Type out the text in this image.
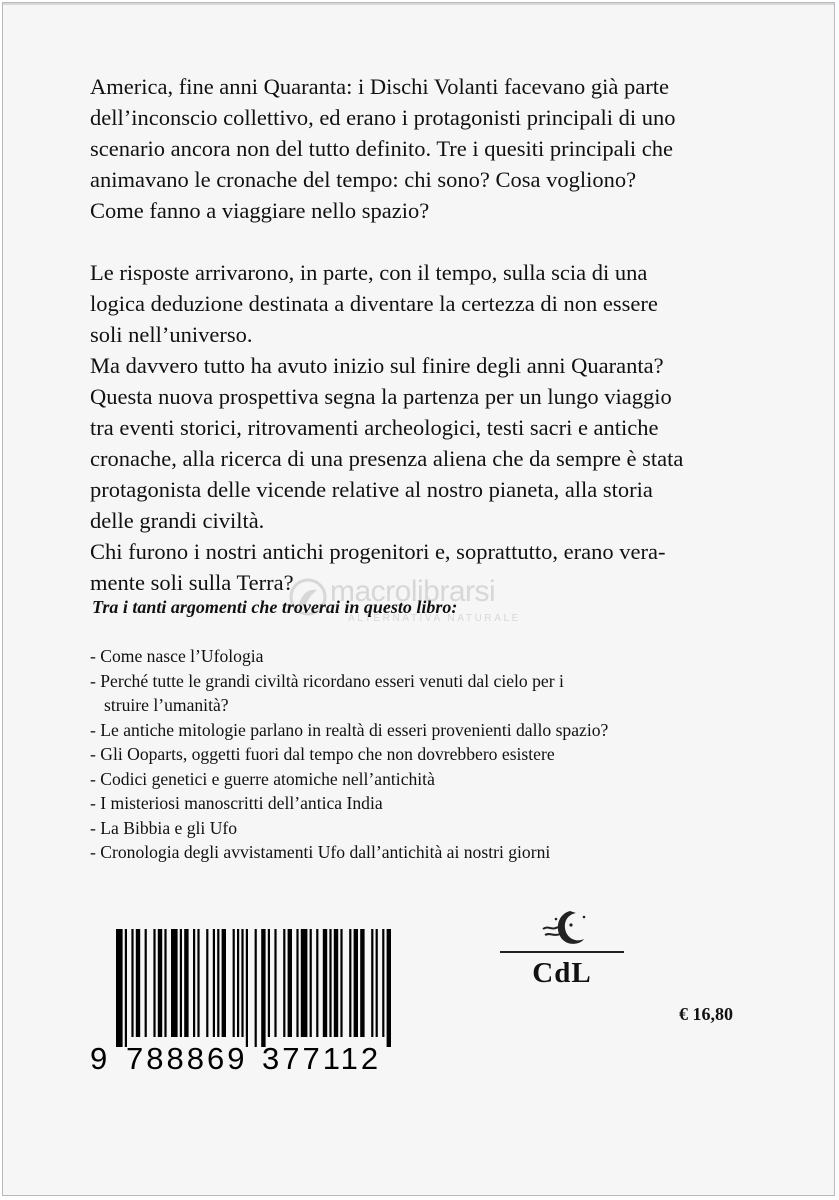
America, fine anni Quaranta: i Dischi Volanti facevano già parte
dell’inconscio collettivo, ed erano i protagonisti principali di uno
scenario ancora non del tutto definito. Tre i quesiti principali che
animavano le cronache del tempo: chi sono? Cosa vogliono?
Come fanno a viaggiare nello spazio?

Le risposte arrivarono, in parte, con il tempo, sulla scia di una
logica deduzione destinata a diventare la certezza di non essere
soli nell’universo.

Ma davvero tutto ha avuto inizio sul finire degli anni Quaranta?

Questa nuova prospettiva segna la partenza per un lungo viaggio
tra eventi storici, ritrovamenti archeologici, testi sacri e antiche
cronache, alla ricerca di una presenza aliena che da sempre è stata
protagonista delle vicende relative al nostro pianeta, alla storia
delle grandi civiltà.

Chi furono i nostri antichi progenitori e, soprattutto, erano vera-
mente soli sulla Terra?	macrolibrarsi
ALTERNATIVA NATURALE
Tra i tanti argomenti che troverai in questo libro:
- Come nasce l’Ufologia
- Perché tutte le grandi civiltà ricordano esseri venuti dal cielo per i
struire l’umanità?
- Le antiche mitologie parlano in realtà di esseri provenienti dallo spazio?
- Gli Ooparts, oggetti fuori dal tempo che non dovrebbero esistere
- Codici genetici e guerre atomiche nell’antichità
- I misteriosi manoscritti dell’antica India
- La Bibbia e gli Ufo
- Cronologia degli avvistamenti Ufo dall’antichità ai nostri giorni
9 788869 377112
CdL
€ 16,80
